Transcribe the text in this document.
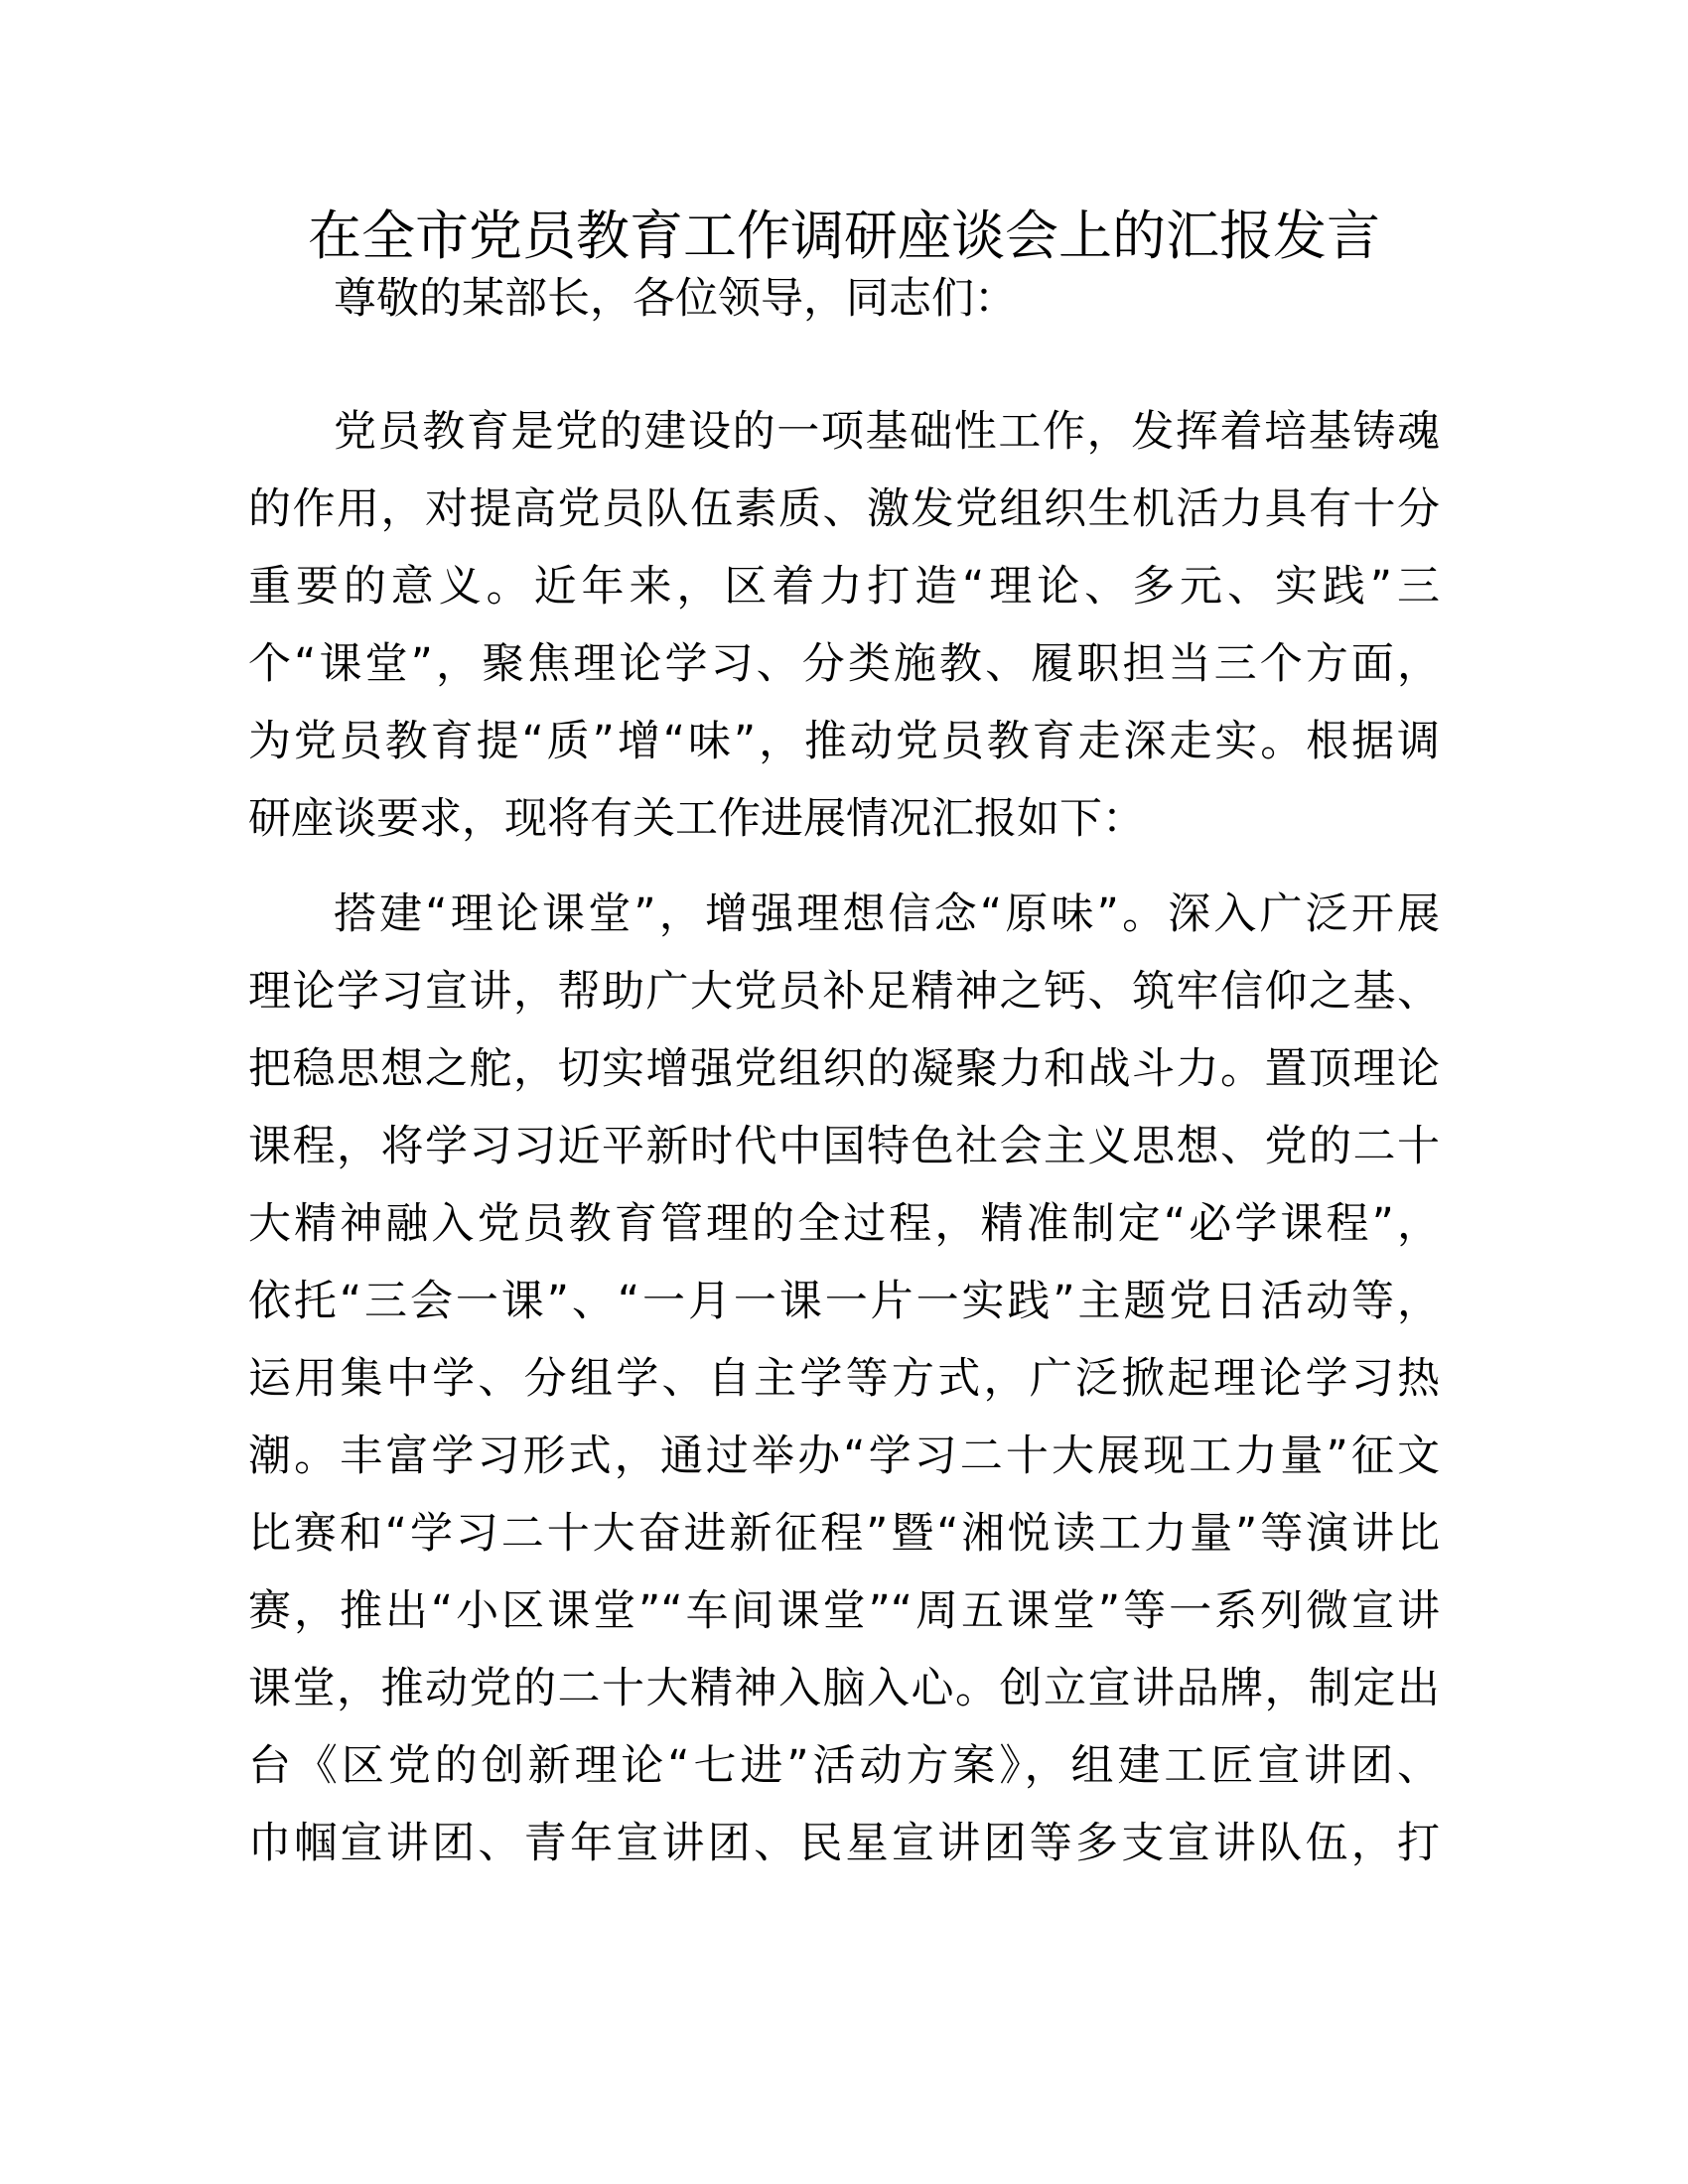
在全市党员教育工作调研座谈会上的汇报发言

尊敬的某部长，各位领导，同志们：

党员教育是党的建设的一项基础性工作，发挥着培基铸魂
的作用，对提高党员队伍素质、激发党组织生机活力具有十分
重要的意义。近年来，区着力打造“理论、多元、实践”三
个“课堂”，聚焦理论学习、分类施教、履职担当三个方面，
为党员教育提“质”增“味”，推动党员教育走深走实。根据调
研座谈要求，现将有关工作进展情况汇报如下：
搭建“理论课堂”，增强理想信念“原味”。深入广泛开展
理论学习宣讲，帮助广大党员补足精神之钙、筑牢信仰之基、
把稳思想之舵，切实增强党组织的凝聚力和战斗力。置顶理论
课程，将学习习近平新时代中国特色社会主义思想、党的二十
大精神融入党员教育管理的全过程，精准制定“必学课程”，
依托“三会一课”、“一月一课一片一实践”主题党日活动等，
运用集中学、分组学、自主学等方式，广泛掀起理论学习热
潮。丰富学习形式，通过举办“学习二十大展现工力量”征文
比赛和“学习二十大奋进新征程”暨“湘悦读工力量”等演讲比
赛，推出“小区课堂”“车间课堂”“周五课堂”等一系列微宣讲
课堂，推动党的二十大精神入脑入心。创立宣讲品牌，制定出
台《区党的创新理论“七进”活动方案》，组建工匠宣讲团、
巾帼宣讲团、青年宣讲团、民星宣讲团等多支宣讲队伍，打
